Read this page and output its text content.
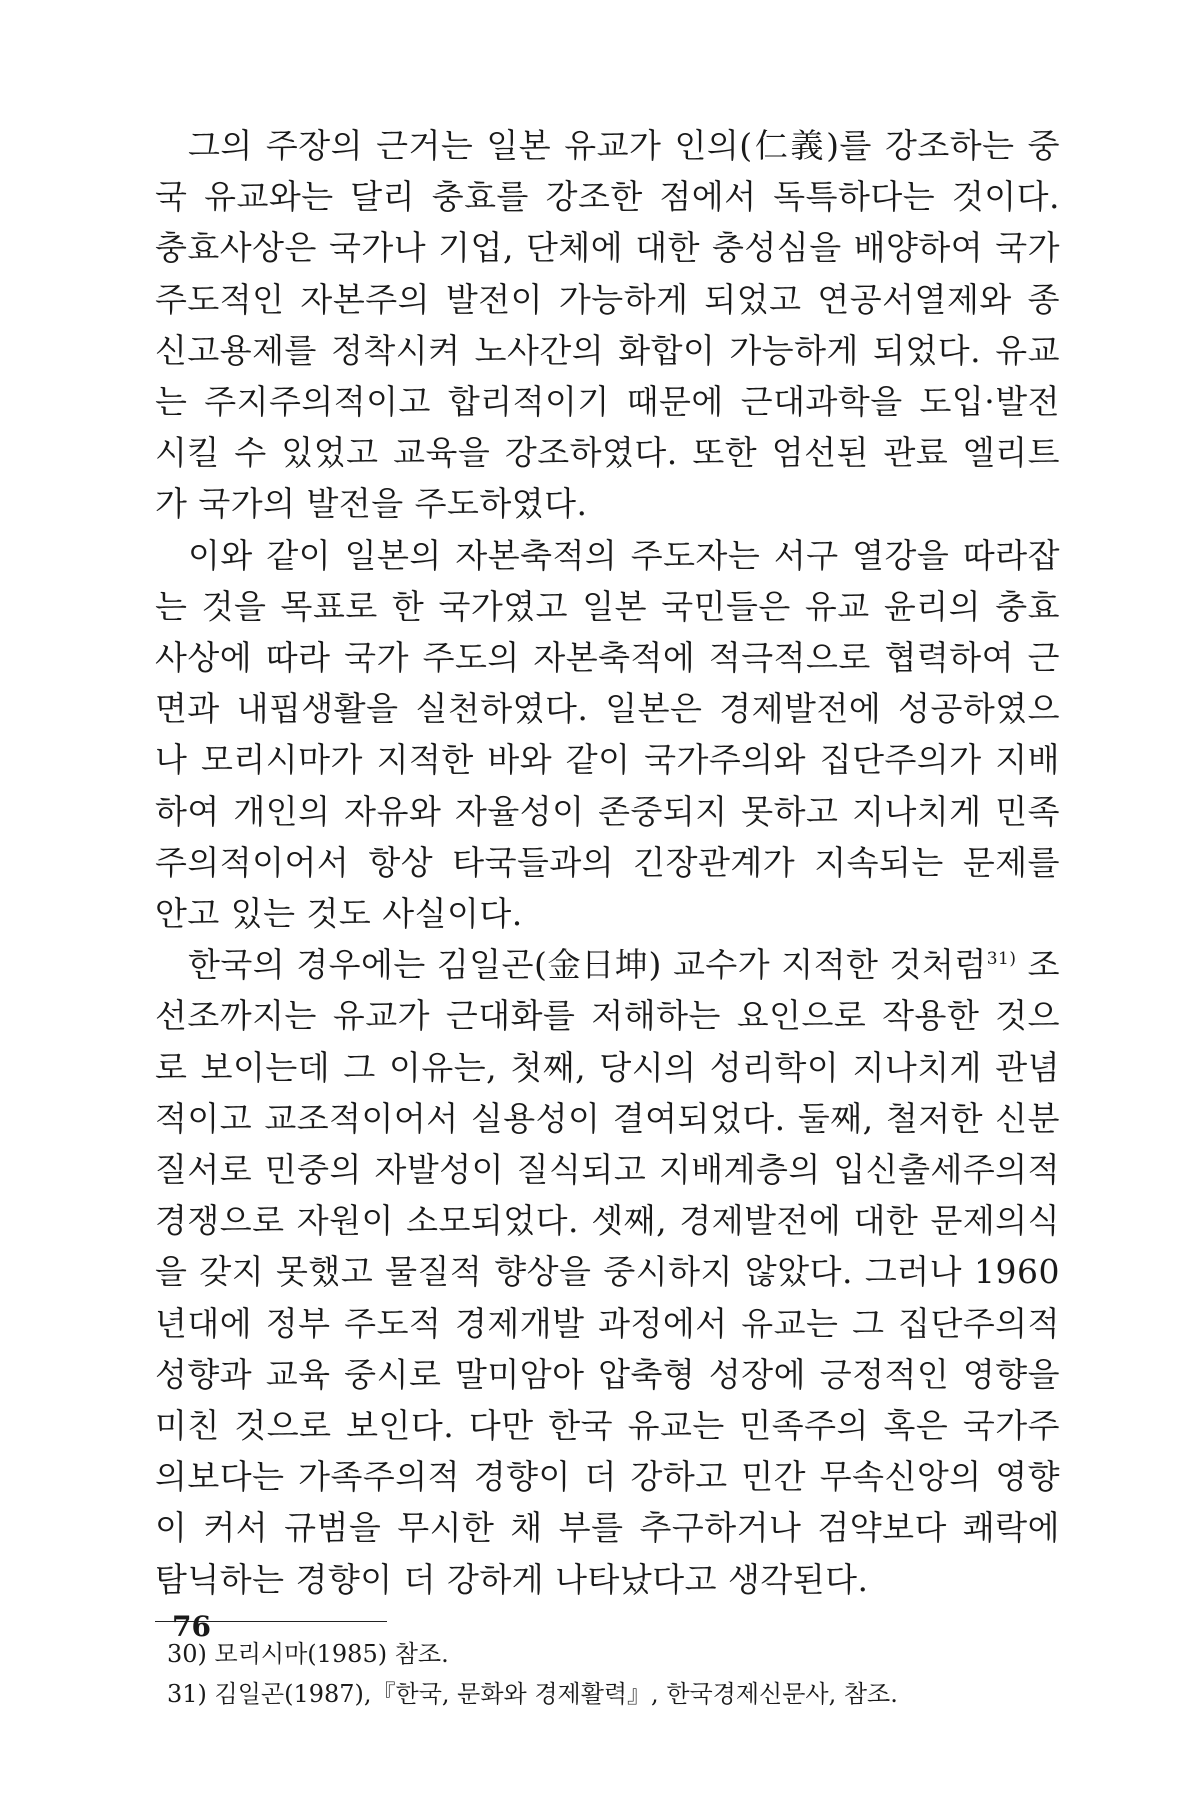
그의 주장의 근거는 일본 유교가 인의(仁義)를 강조하는 중국 유교와는 달리 충효를 강조한 점에서 독특하다는 것이다. 충효사상은 국가나 기업, 단체에 대한 충성심을 배양하여 국가 주도적인 자본주의 발전이 가능하게 되었고 연공서열제와 종신고용제를 정착시켜 노사간의 화합이 가능하게 되었다. 유교는 주지주의적이고 합리적이기 때문에 근대과학을 도입·발전시킬 수 있었고 교육을 강조하였다. 또한 엄선된 관료 엘리트가 국가의 발전을 주도하였다.

이와 같이 일본의 자본축적의 주도자는 서구 열강을 따라잡는 것을 목표로 한 국가였고 일본 국민들은 유교 윤리의 충효사상에 따라 국가 주도의 자본축적에 적극적으로 협력하여 근면과 내핍생활을 실천하였다. 일본은 경제발전에 성공하였으나 모리시마가 지적한 바와 같이 국가주의와 집단주의가 지배하여 개인의 자유와 자율성이 존중되지 못하고 지나치게 민족주의적이어서 항상 타국들과의 긴장관계가 지속되는 문제를 안고 있는 것도 사실이다.

한국의 경우에는 김일곤(金日坤) 교수가 지적한 것처럼$^{31)}$ 조선조까지는 유교가 근대화를 저해하는 요인으로 작용한 것으로 보이는데 그 이유는, 첫째, 당시의 성리학이 지나치게 관념적이고 교조적이어서 실용성이 결여되었다. 둘째, 철저한 신분질서로 민중의 자발성이 질식되고 지배계층의 입신출세주의적 경쟁으로 자원이 소모되었다. 셋째, 경제발전에 대한 문제의식을 갖지 못했고 물질적 향상을 중시하지 않았다. 그러나 1960년대에 정부 주도적 경제개발 과정에서 유교는 그 집단주의적 성향과 교육 중시로 말미암아 압축형 성장에 긍정적인 영향을 미친 것으로 보인다. 다만 한국 유교는 민족주의 혹은 국가주의보다는 가족주의적 경향이 더 강하고 민간 무속신앙의 영향이 커서 규범을 무시한 채 부를 추구하거나 검약보다 쾌락에 탐닉하는 경향이 더 강하게 나타났다고 생각된다.

30) 모리시마(1985) 참조.

31) 김일곤(1987),『한국, 문화와 경제활력』, 한국경제신문사, 참조.

76
